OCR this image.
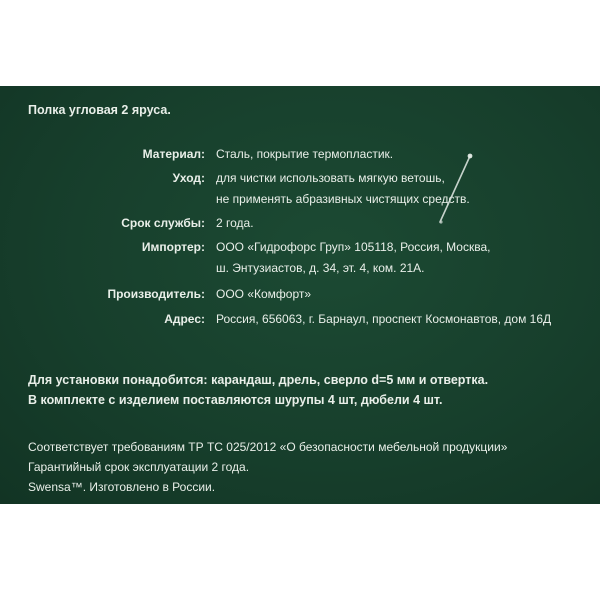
Полка угловая 2 яруса.
Материал: Сталь, покрытие термопластик.
Уход: для чистки использовать мягкую ветошь,
не применять абразивных чистящих средств.
Срок службы: 2 года.
Импортер: ООО «Гидрофорс Груп» 105118, Россия, Москва,
ш. Энтузиастов, д. 34, эт. 4, ком. 21А.
Производитель: ООО «Комфорт»
Адрес: Россия, 656063, г. Барнаул, проспект Космонавтов, дом 16Д
Для установки понадобится: карандаш, дрель, сверло d=5 мм и отвертка.
В комплекте с изделием поставляются шурупы 4 шт, дюбели 4 шт.
Соответствует требованиям ТР ТС 025/2012 «О безопасности мебельной продукции»
Гарантийный срок эксплуатации 2 года.
Swensa™. Изготовлено в России.
